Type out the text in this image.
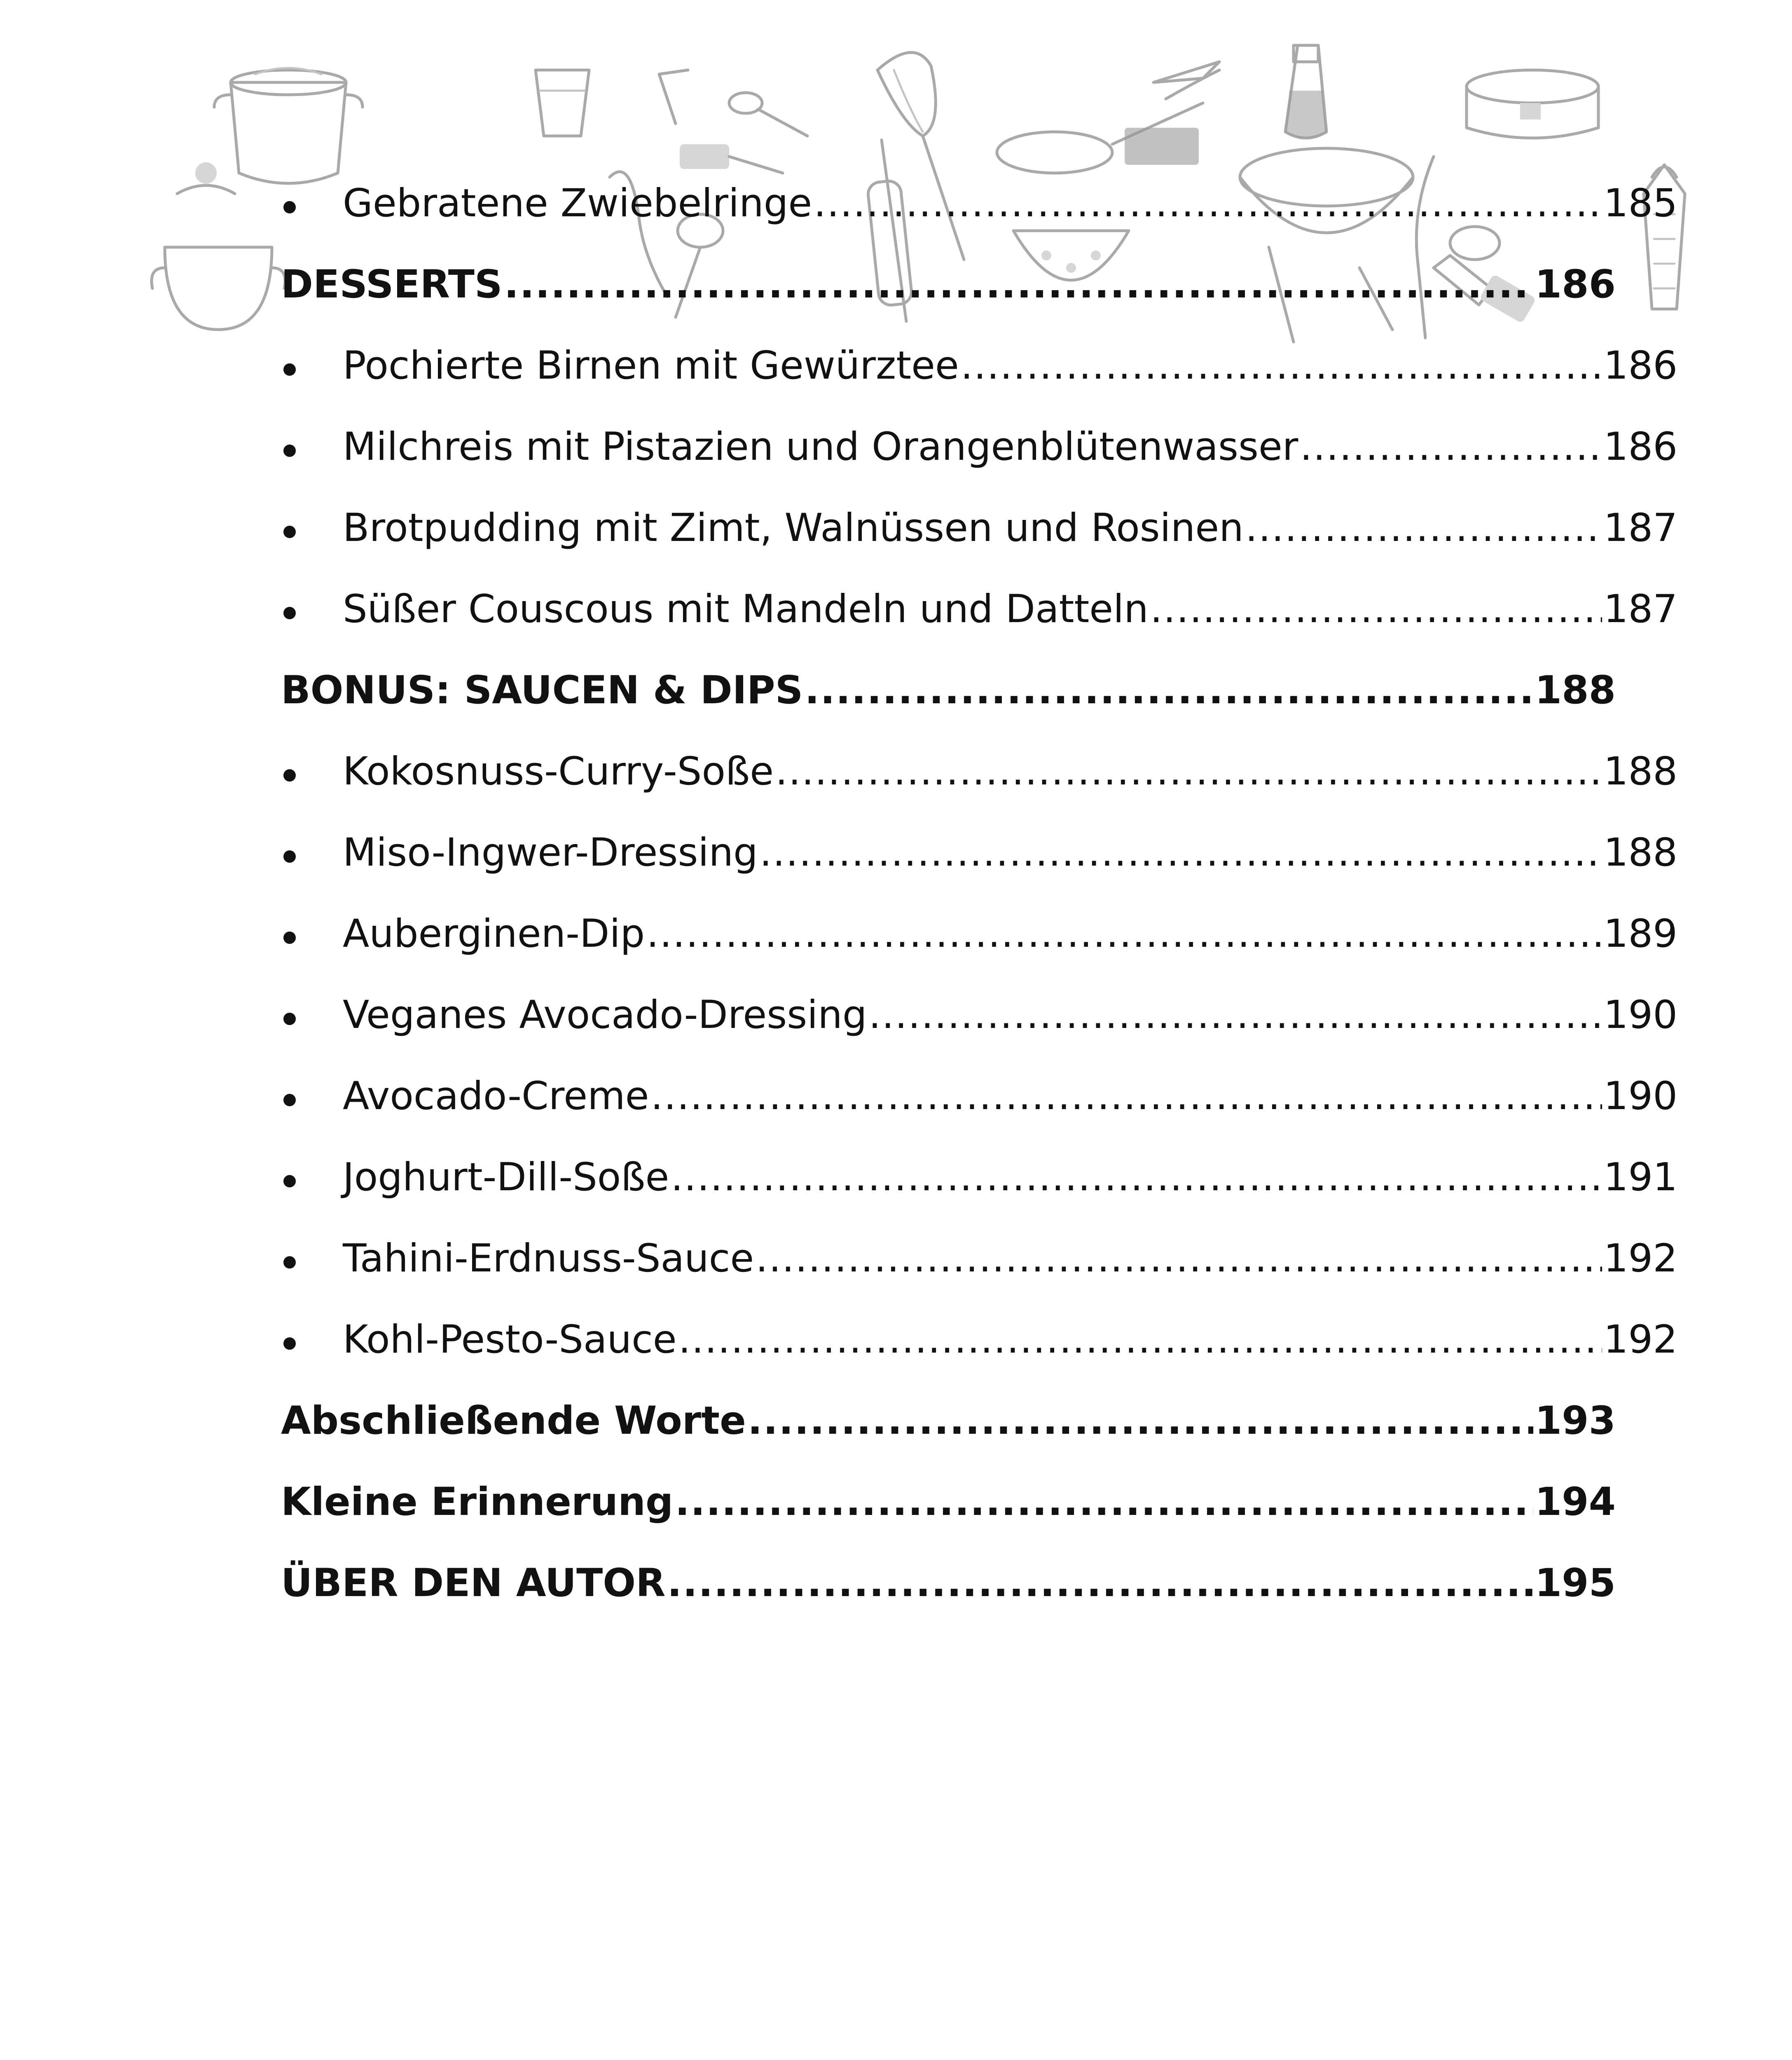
Gebratene Zwiebelringe .....	185
DESSERTS .....	186
Pochierte Birnen mit Gewürztee .....	186
Milchreis mit Pistazien und Orangenblütenwasser .....	186
Brotpudding mit Zimt, Walnüssen und Rosinen .....	187
Süßer Couscous mit Mandeln und Datteln .....	187
BONUS: SAUCEN & DIPS .....	188
Kokosnuss-Curry-Soße .....	188
Miso-Ingwer-Dressing .....	188
Auberginen-Dip .....	189
Veganes Avocado-Dressing .....	190
Avocado-Creme .....	190
Joghurt-Dill-Soße .....	191
Tahini-Erdnuss-Sauce .....	192
Kohl-Pesto-Sauce .....	192
Abschließende Worte .....	193
Kleine Erinnerung .....	194
ÜBER DEN AUTOR .....	195
